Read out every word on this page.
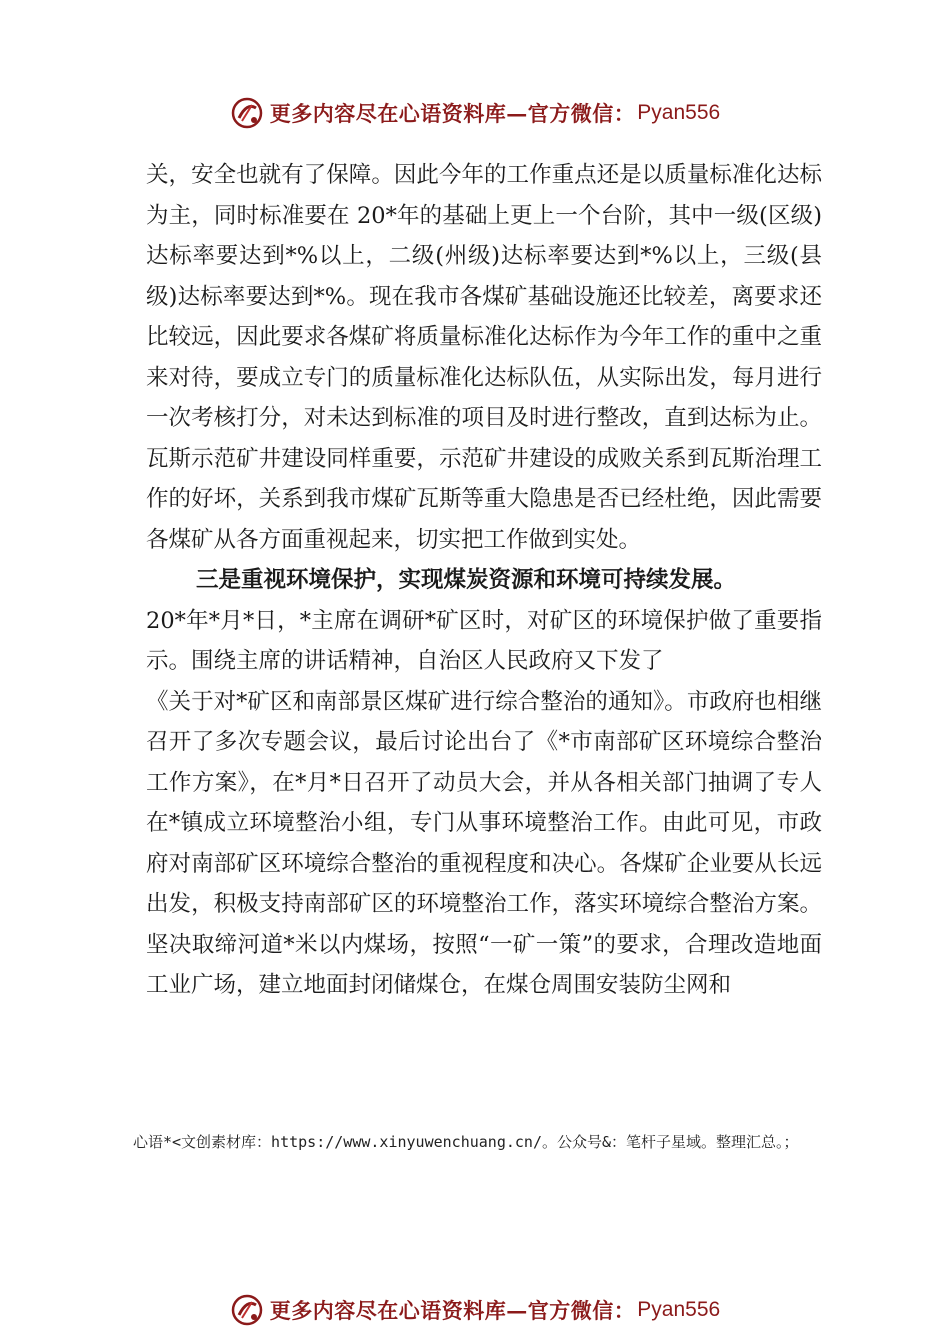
更多内容尽在心语资料库—官方微信： Pyan556

关，安全也就有了保障。因此今年的工作重点还是以质量标准化达标为主，同时标准要在 20*年的基础上更上一个台阶，其中一级(区级)达标率要达到*%以上，二级(州级)达标率要达到*%以上，三级(县级)达标率要达到*%。现在我市各煤矿基础设施还比较差，离要求还比较远，因此要求各煤矿将质量标准化达标作为今年工作的重中之重来对待，要成立专门的质量标准化达标队伍，从实际出发，每月进行一次考核打分，对未达到标准的项目及时进行整改，直到达标为止。瓦斯示范矿井建设同样重要，示范矿井建设的成败关系到瓦斯治理工作的好坏，关系到我市煤矿瓦斯等重大隐患是否已经杜绝，因此需要各煤矿从各方面重视起来，切实把工作做到实处。

三是重视环境保护，实现煤炭资源和环境可持续发展。

20*年*月*日，*主席在调研*矿区时，对矿区的环境保护做了重要指示。围绕主席的讲话精神，自治区人民政府又下发了

《关于对*矿区和南部景区煤矿进行综合整治的通知》。市政府也相继召开了多次专题会议，最后讨论出台了《*市南部矿区环境综合整治工作方案》，在*月*日召开了动员大会，并从各相关部门抽调了专人在*镇成立环境整治小组，专门从事环境整治工作。由此可见，市政府对南部矿区环境综合整治的重视程度和决心。各煤矿企业要从长远出发，积极支持南部矿区的环境整治工作，落实环境综合整治方案。坚决取缔河道*米以内煤场，按照“一矿一策”的要求，合理改造地面工业广场，建立地面封闭储煤仓，在煤仓周围安装防尘网和

心语*<文创素材库：https://www.xinyuwenchuang.cn/。公众号&：笔杆子星域。整理汇总。；
更多内容尽在心语资料库—官方微信： Pyan556
